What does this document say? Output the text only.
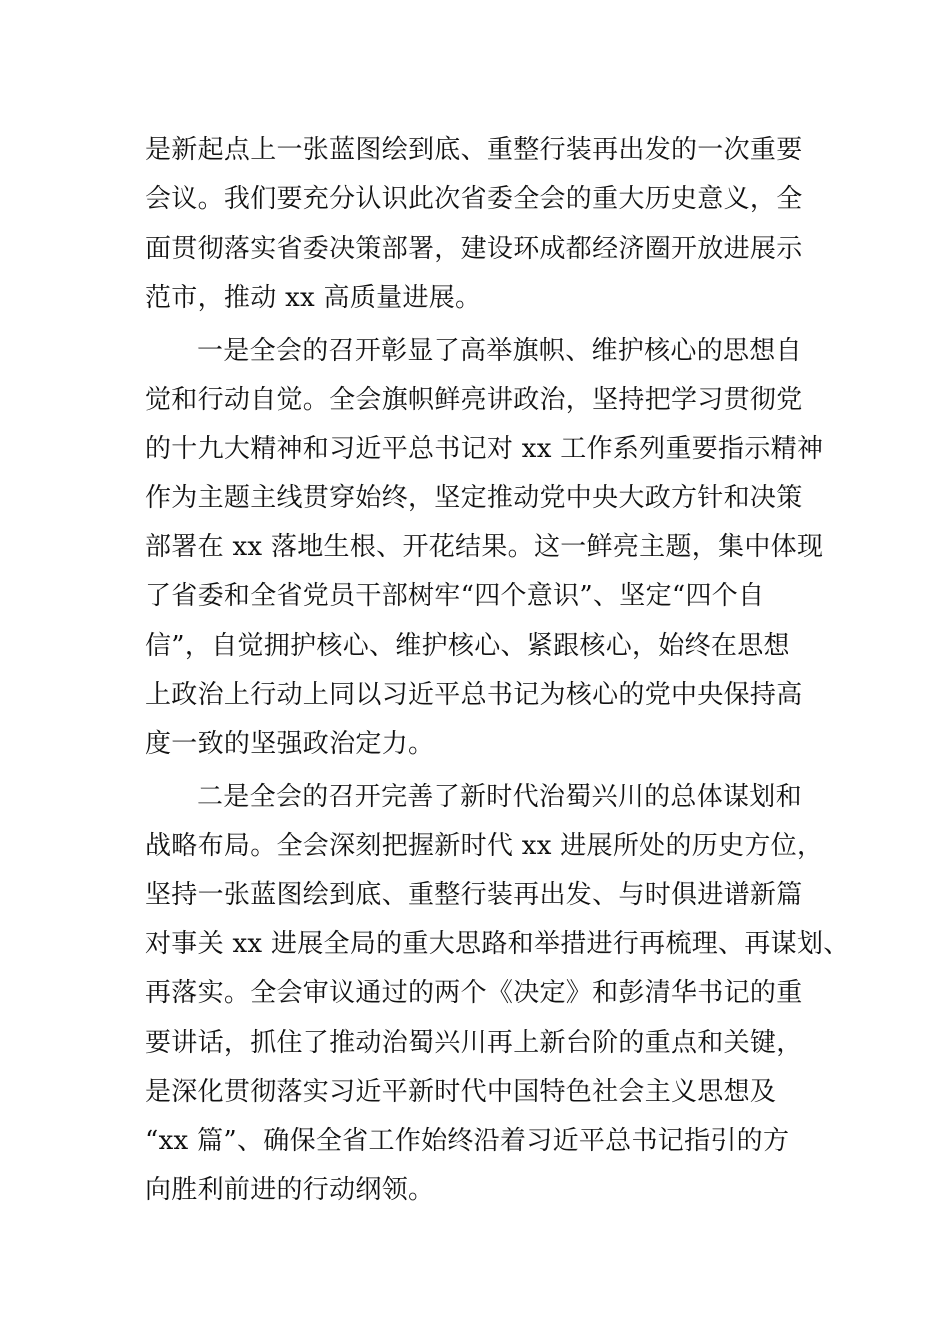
是新起点上一张蓝图绘到底、重整行装再出发的一次重要
会议。我们要充分认识此次省委全会的重大历史意义，全
面贯彻落实省委决策部署，建设环成都经济圈开放进展示
范市，推动 xx 高质量进展。
一是全会的召开彰显了高举旗帜、维护核心的思想自
觉和行动自觉。全会旗帜鲜亮讲政治，坚持把学习贯彻党
的十九大精神和习近平总书记对 xx 工作系列重要指示精神
作为主题主线贯穿始终，坚定推动党中央大政方针和决策
部署在 xx 落地生根、开花结果。这一鲜亮主题，集中体现
了省委和全省党员干部树牢“四个意识”、坚定“四个自
信”，自觉拥护核心、维护核心、紧跟核心，始终在思想
上政治上行动上同以习近平总书记为核心的党中央保持高
度一致的坚强政治定力。
二是全会的召开完善了新时代治蜀兴川的总体谋划和
战略布局。全会深刻把握新时代 xx 进展所处的历史方位，
坚持一张蓝图绘到底、重整行装再出发、与时俱进谱新篇
对事关 xx 进展全局的重大思路和举措进行再梳理、再谋划、
再落实。全会审议通过的两个《决定》和彭清华书记的重
要讲话，抓住了推动治蜀兴川再上新台阶的重点和关键，
是深化贯彻落实习近平新时代中国特色社会主义思想及
“xx 篇”、确保全省工作始终沿着习近平总书记指引的方
向胜利前进的行动纲领。
